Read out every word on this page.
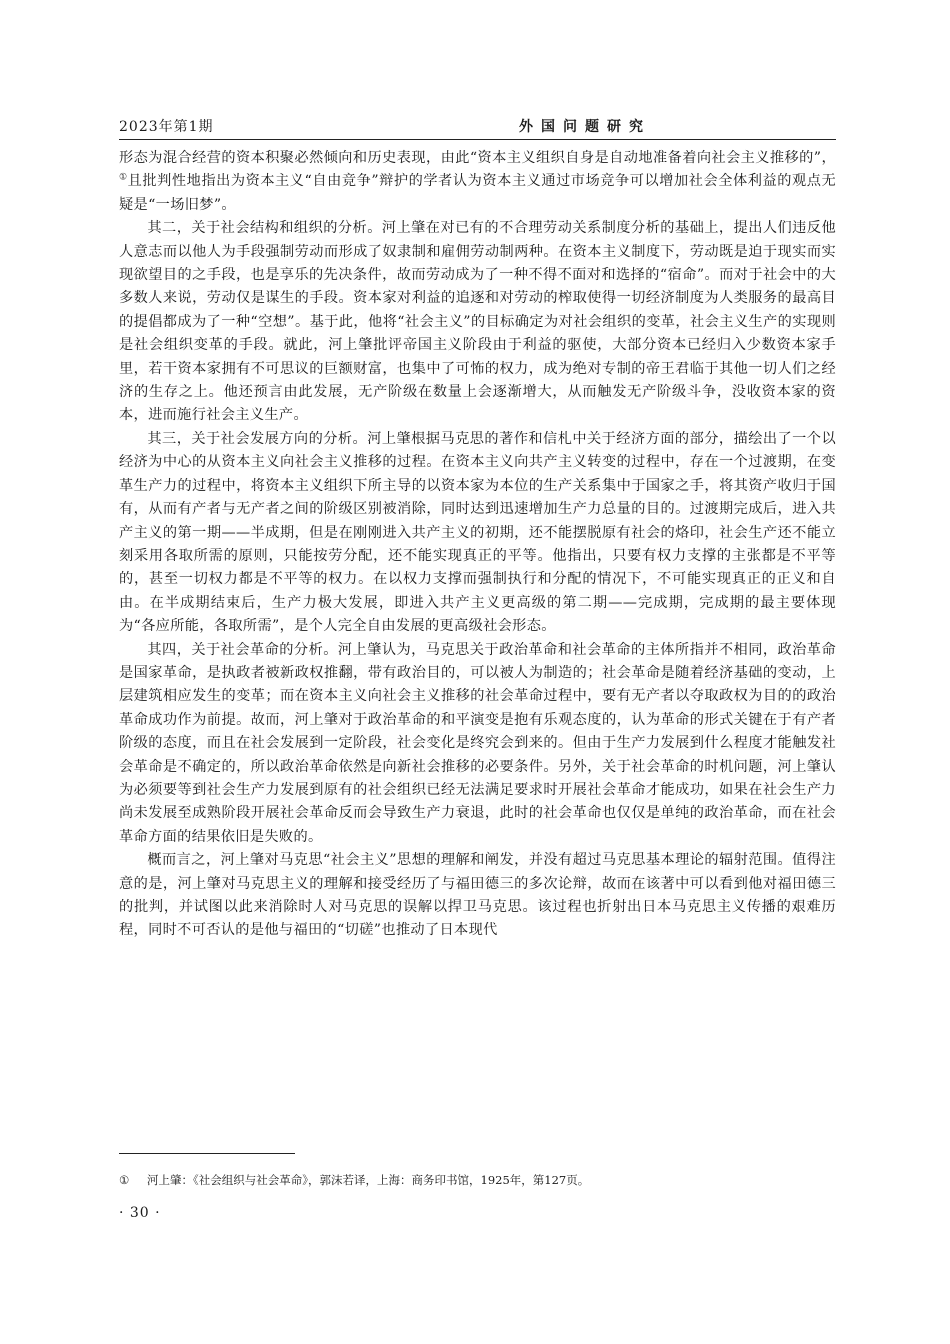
2023年第1期	外国问题研究

形态为混合经营的资本积聚必然倾向和历史表现，由此“资本主义组织自身是自动地准备着向社会主义推移的”，①且批判性地指出为资本主义“自由竞争”辩护的学者认为资本主义通过市场竞争可以增加社会全体利益的观点无疑是“一场旧梦”。

其二，关于社会结构和组织的分析。河上肇在对已有的不合理劳动关系制度分析的基础上，提出人们违反他人意志而以他人为手段强制劳动而形成了奴隶制和雇佣劳动制两种。在资本主义制度下，劳动既是迫于现实而实现欲望目的之手段，也是享乐的先决条件，故而劳动成为了一种不得不面对和选择的“宿命”。而对于社会中的大多数人来说，劳动仅是谋生的手段。资本家对利益的追逐和对劳动的榨取使得一切经济制度为人类服务的最高目的提倡都成为了一种“空想”。基于此，他将“社会主义”的目标确定为对社会组织的变革，社会主义生产的实现则是社会组织变革的手段。就此，河上肇批评帝国主义阶段由于利益的驱使，大部分资本已经归入少数资本家手里，若干资本家拥有不可思议的巨额财富，也集中了可怖的权力，成为绝对专制的帝王君临于其他一切人们之经济的生存之上。他还预言由此发展，无产阶级在数量上会逐渐增大，从而触发无产阶级斗争，没收资本家的资本，进而施行社会主义生产。

其三，关于社会发展方向的分析。河上肇根据马克思的著作和信札中关于经济方面的部分，描绘出了一个以经济为中心的从资本主义向社会主义推移的过程。在资本主义向共产主义转变的过程中，存在一个过渡期，在变革生产力的过程中，将资本主义组织下所主导的以资本家为本位的生产关系集中于国家之手，将其资产收归于国有，从而有产者与无产者之间的阶级区别被消除，同时达到迅速增加生产力总量的目的。过渡期完成后，进入共产主义的第一期——半成期，但是在刚刚进入共产主义的初期，还不能摆脱原有社会的烙印，社会生产还不能立刻采用各取所需的原则，只能按劳分配，还不能实现真正的平等。他指出，只要有权力支撑的主张都是不平等的，甚至一切权力都是不平等的权力。在以权力支撑而强制执行和分配的情况下，不可能实现真正的正义和自由。在半成期结束后，生产力极大发展，即进入共产主义更高级的第二期——完成期，完成期的最主要体现为“各应所能，各取所需”，是个人完全自由发展的更高级社会形态。

其四，关于社会革命的分析。河上肇认为，马克思关于政治革命和社会革命的主体所指并不相同，政治革命是国家革命，是执政者被新政权推翻，带有政治目的，可以被人为制造的；社会革命是随着经济基础的变动，上层建筑相应发生的变革；而在资本主义向社会主义推移的社会革命过程中，要有无产者以夺取政权为目的的政治革命成功作为前提。故而，河上肇对于政治革命的和平演变是抱有乐观态度的，认为革命的形式关键在于有产者阶级的态度，而且在社会发展到一定阶段，社会变化是终究会到来的。但由于生产力发展到什么程度才能触发社会革命是不确定的，所以政治革命依然是向新社会推移的必要条件。另外，关于社会革命的时机问题，河上肇认为必须要等到社会生产力发展到原有的社会组织已经无法满足要求时开展社会革命才能成功，如果在社会生产力尚未发展至成熟阶段开展社会革命反而会导致生产力衰退，此时的社会革命也仅仅是单纯的政治革命，而在社会革命方面的结果依旧是失败的。

概而言之，河上肇对马克思“社会主义”思想的理解和阐发，并没有超过马克思基本理论的辐射范围。值得注意的是，河上肇对马克思主义的理解和接受经历了与福田德三的多次论辩，故而在该著中可以看到他对福田德三的批判，并试图以此来消除时人对马克思的误解以捍卫马克思。该过程也折射出日本马克思主义传播的艰难历程，同时不可否认的是他与福田的“切磋”也推动了日本现代

① 河上肇：《社会组织与社会革命》，郭沫若译，上海：商务印书馆，1925年，第127页。
· 30 ·
